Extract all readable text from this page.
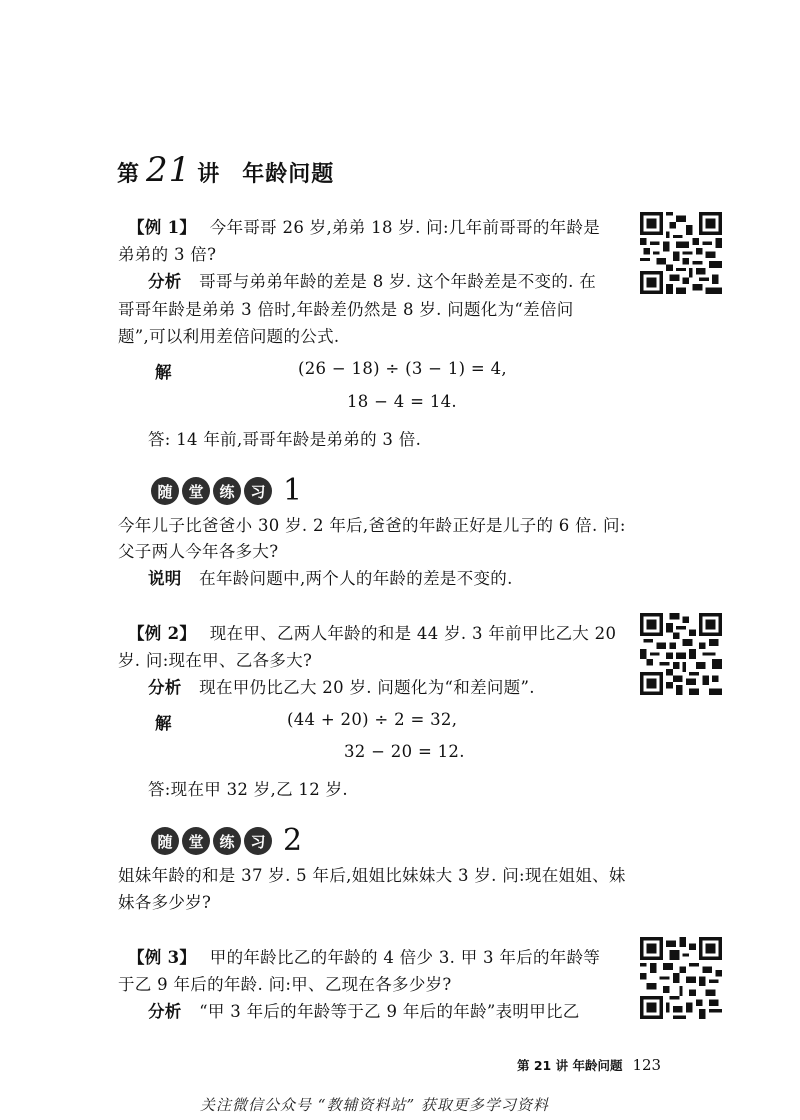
第 21 讲 年龄问题
【例 1】 今年哥哥 26 岁,弟弟 18 岁. 问:几年前哥哥的年龄是
弟弟的 3 倍?
分析 哥哥与弟弟年龄的差是 8 岁. 这个年龄差是不变的. 在
哥哥年龄是弟弟 3 倍时,年龄差仍然是 8 岁. 问题化为“差倍问
题”,可以利用差倍问题的公式.
解	(26 − 18) ÷ (3 − 1) = 4,
18 − 4 = 14.
答: 14 年前,哥哥年龄是弟弟的 3 倍.
随	堂	练	习 1
今年儿子比爸爸小 30 岁. 2 年后,爸爸的年龄正好是儿子的 6 倍. 问:
父子两人今年各多大?
说明 在年龄问题中,两个人的年龄的差是不变的.
【例 2】 现在甲、乙两人年龄的和是 44 岁. 3 年前甲比乙大 20
岁. 问:现在甲、乙各多大?
分析 现在甲仍比乙大 20 岁. 问题化为“和差问题”.
解	(44 + 20) ÷ 2 = 32,
32 − 20 = 12.
答:现在甲 32 岁,乙 12 岁.
随	堂	练	习 2
姐妹年龄的和是 37 岁. 5 年后,姐姐比妹妹大 3 岁. 问:现在姐姐、妹
妹各多少岁?
【例 3】 甲的年龄比乙的年龄的 4 倍少 3. 甲 3 年后的年龄等
于乙 9 年后的年龄. 问:甲、乙现在各多少岁?
分析 “甲 3 年后的年龄等于乙 9 年后的年龄”表明甲比乙
第 21 讲 年龄问题 123
关注微信公众号 “教辅资料站” 获取更多学习资料
